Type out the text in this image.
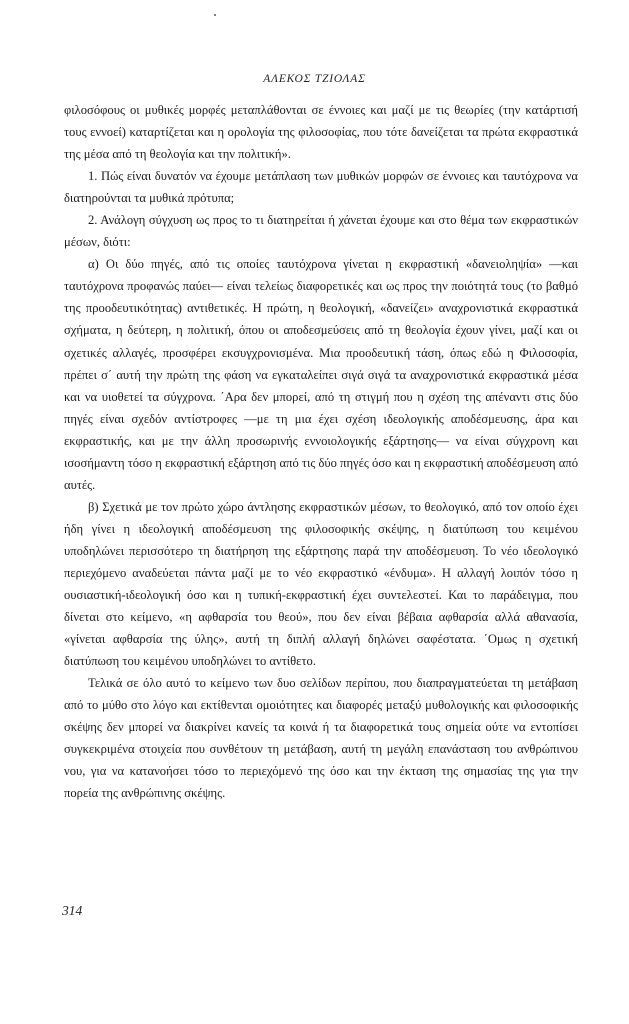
ΑΛΕΚΟΣ ΤΖΙΟΛΑΣ

φιλοσόφους οι μυθικές μορφές μεταπλάθονται σε έννοιες και μαζί με τις θεωρίες (την κατάρτισή τους εννοεί) καταρτίζεται και η ορολογία της φιλοσοφίας, που τότε δανείζεται τα πρώτα εκφραστικά της μέσα από τη θεολογία και την πολιτική».

1. Πώς είναι δυνατόν να έχουμε μετάπλαση των μυθικών μορφών σε έννοιες και ταυτόχρονα να διατηρούνται τα μυθικά πρότυπα;

2. Ανάλογη σύγχυση ως προς το τι διατηρείται ή χάνεται έχουμε και στο θέμα των εκφραστικών μέσων, διότι:

α) Οι δύο πηγές, από τις οποίες ταυτόχρονα γίνεται η εκφραστική «δανειοληψία» —και ταυτόχρονα προφανώς παύει— είναι τελείως διαφορετικές και ως προς την ποιότητά τους (το βαθμό της προοδευτικότητας) αντιθετικές. Η πρώτη, η θεολογική, «δανείζει» αναχρονιστικά εκφραστικά σχήματα, η δεύτερη, η πολιτική, όπου οι αποδεσμεύσεις από τη θεολογία έχουν γίνει, μαζί και οι σχετικές αλλαγές, προσφέρει εκσυγχρονισμένα. Μια προοδευτική τάση, όπως εδώ η Φιλοσοφία, πρέπει σ΄ αυτή την πρώτη της φάση να εγκαταλείπει σιγά σιγά τα αναχρονιστικά εκφραστικά μέσα και να υιοθετεί τα σύγχρονα. ΄Αρα δεν μπορεί, από τη στιγμή που η σχέση της απέναντι στις δύο πηγές είναι σχεδόν αντίστροφες —με τη μια έχει σχέση ιδεολογικής αποδέσμευσης, άρα και εκφραστικής, και με την άλλη προσωρινής εννοιολογικής εξάρτησης— να είναι σύγχρονη και ισοσήμαντη τόσο η εκφραστική εξάρτηση από τις δύο πηγές όσο και η εκφραστική αποδέσμευση από αυτές.

β) Σχετικά με τον πρώτο χώρο άντλησης εκφραστικών μέσων, το θεολογικό, από τον οποίο έχει ήδη γίνει η ιδεολογική αποδέσμευση της φιλοσοφικής σκέψης, η διατύπωση του κειμένου υποδηλώνει περισσότερο τη διατήρηση της εξάρτησης παρά την αποδέσμευση. Το νέο ιδεολογικό περιεχόμενο αναδεύεται πάντα μαζί με το νέο εκφραστικό «ένδυμα». Η αλλαγή λοιπόν τόσο η ουσιαστική-ιδεολογική όσο και η τυπική-εκφραστική έχει συντελεστεί. Και το παράδειγμα, που δίνεται στο κείμενο, «η αφθαρσία του θεού», που δεν είναι βέβαια αφθαρσία αλλά αθανασία, «γίνεται αφθαρσία της ύλης», αυτή τη διπλή αλλαγή δηλώνει σαφέστατα. ΄Ομως η σχετική διατύπωση του κειμένου υποδηλώνει το αντίθετο.

Τελικά σε όλο αυτό το κείμενο των δυο σελίδων περίπου, που διαπραγματεύεται τη μετάβαση από το μύθο στο λόγο και εκτίθενται ομοιότητες και διαφορές μεταξύ μυθολογικής και φιλοσοφικής σκέψης δεν μπορεί να διακρίνει κανείς τα κοινά ή τα διαφορετικά τους σημεία ούτε να εντοπίσει συγκεκριμένα στοιχεία που συνθέτουν τη μετάβαση, αυτή τη μεγάλη επανάσταση του ανθρώπινου νου, για να κατανοήσει τόσο το περιεχόμενό της όσο και την έκταση της σημασίας της για την πορεία της ανθρώπινης σκέψης.

314
